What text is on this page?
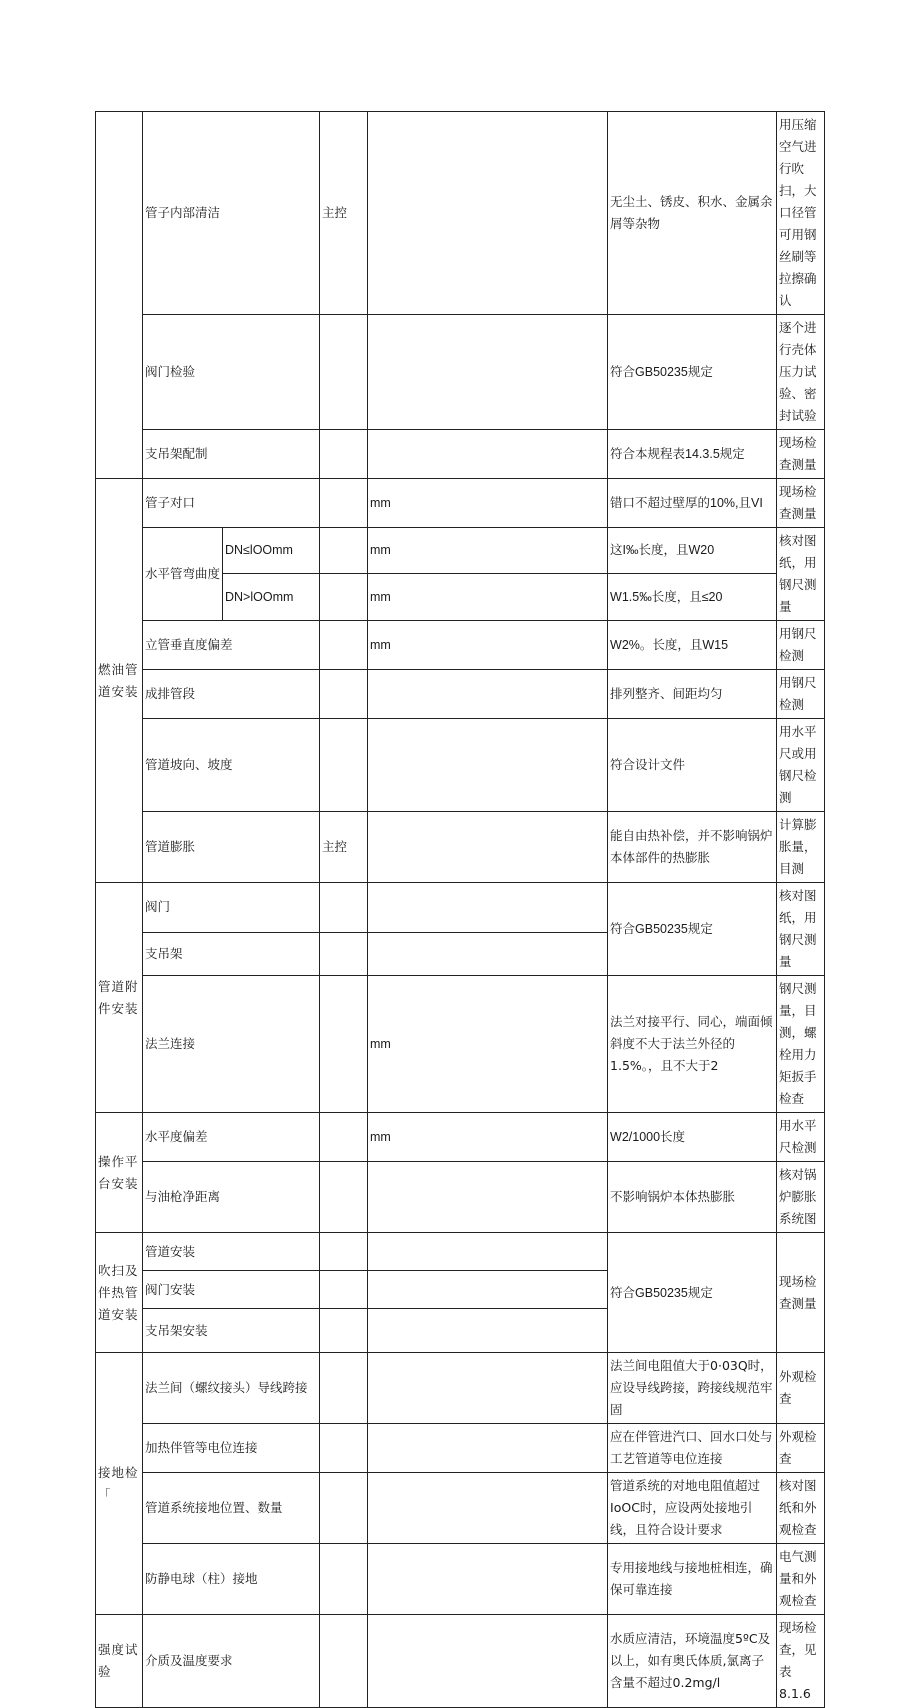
	管子内部清洁		主控		无尘土、锈皮、积水、金属余屑等杂物	用压缩空气进行吹扫，大口径管可用钢丝刷等拉擦确认
	阀门检验				符合GB50235规定	逐个进行壳体压力试验、密封试验
	支吊架配制				符合本规程表14.3.5规定	现场检查测量
燃油管道安装	管子对口			mm	错口不超过壁厚的10%,且VI	现场检查测量
	水平管弯曲度	DN≤lOOmm		mm	这I‰长度，且W20	核对图纸，用钢尺测量
		DN>lOOmm		mm	W1.5‰长度，且≤20	
	立管垂直度偏差			mm	W2%。长度，且W15	用钢尺检测
	成排管段				排列整齐、间距均匀	用钢尺检测
	管道坡向、坡度				符合设计文件	用水平尺或用钢尺检测
	管道膨胀		主控		能自由热补偿，并不影响锅炉本体部件的热膨胀	计算膨胀量，目测
管道附件安装	阀门				符合GB50235规定	核对图纸，用钢尺测量
	支吊架					
	法兰连接			mm	法兰对接平行、同心，端面倾斜度不大于法兰外径的1.5%。，且不大于2	钢尺测量，目测，螺栓用力矩扳手检查
操作平台安装	水平度偏差			mm	W2/1000长度	用水平尺检测
	与油枪净距离				不影响锅炉本体热膨胀	核对锅炉膨胀系统图
吹扫及伴热管道安装	管道安装				符合GB50235规定	现场检查测量
	阀门安装					
	支吊架安装					
接地检「	法兰间（螺纹接头）导线跨接				法兰间电阻值大于0·03Q时，应设导线跨接，跨接线规范牢固	外观检查
	加热伴管等电位连接				应在伴管进汽口、回水口处与工艺管道等电位连接	外观检查
	管道系统接地位置、数量				管道系统的对地电阻值超过IoOC时，应设两处接地引线，且符合设计要求	核对图纸和外观检查
	防静电球（柱）接地				专用接地线与接地桩相连，确保可靠连接	电气测量和外观检查
强度试验	介质及温度要求				水质应清洁，环境温度5ºC及以上，如有奥氏体质,氯离子含量不超过0.2mg/l	现场检查，见表8.1.6
